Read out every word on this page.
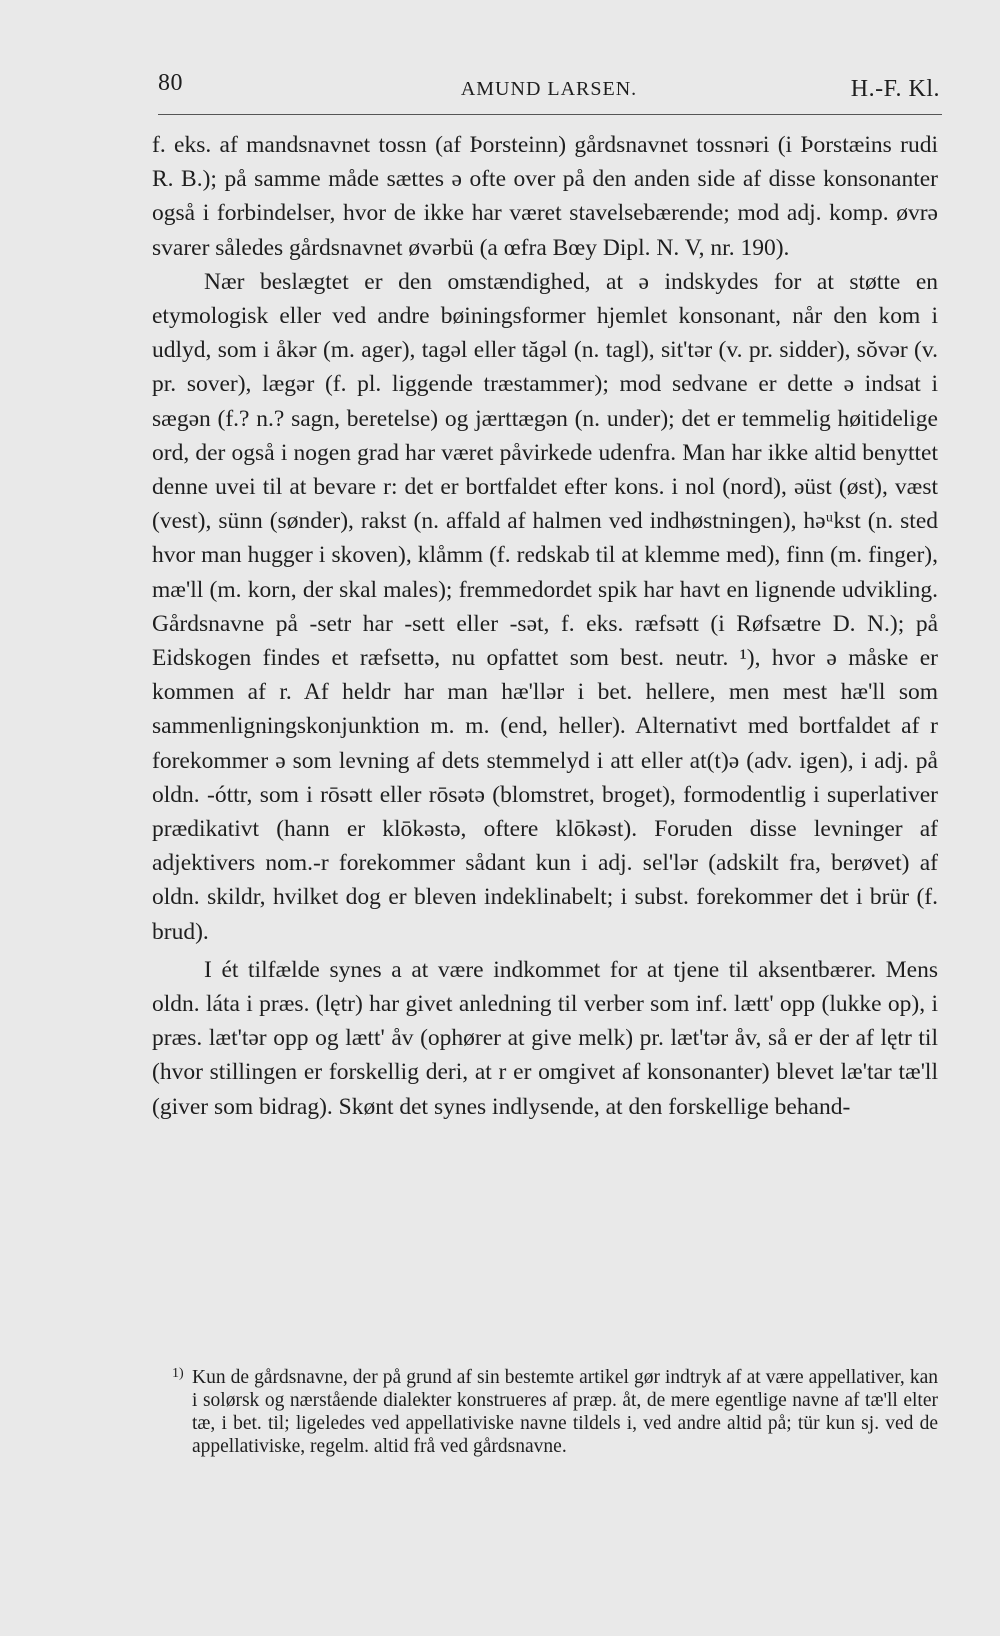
80	AMUND LARSEN.	H.-F. Kl.

f. eks. af mandsnavnet tossn (af Þorsteinn) gårdsnavnet tossnəri (i Þorstæins rudi R. B.); på samme måde sættes ə ofte over på den anden side af disse konsonanter også i forbindelser, hvor de ikke har været stavelsebærende; mod adj. komp. øvrə svarer således gårdsnavnet øvərbü (a œfra Bœy Dipl. N. V, nr. 190).

Nær beslægtet er den omstændighed, at ə indskydes for at støtte en etymologisk eller ved andre bøiningsformer hjemlet konsonant, når den kom i udlyd, som i åkər (m. ager), tagəl eller tăgəl (n. tagl), sit'tər (v. pr. sidder), sŏvər (v. pr. sover), lægər (f. pl. liggende træstammer); mod sedvane er dette ə indsat i sægən (f.? n.? sagn, beretelse) og jærttægən (n. under); det er temmelig høitidelige ord, der også i nogen grad har været påvirkede udenfra. Man har ikke altid benyttet denne uvei til at bevare r: det er bortfaldet efter kons. i nol (nord), əüst (øst), væst (vest), sünn (sønder), rakst (n. affald af halmen ved indhøstningen), həᵘkst (n. sted hvor man hugger i skoven), klåmm (f. redskab til at klemme med), finn (m. finger), mæ'll (m. korn, der skal males); fremmedordet spik har havt en lignende udvikling. Gårdsnavne på -setr har -sett eller -sət, f. eks. ræfsətt (i Røfsætre D. N.); på Eidskogen findes et ræfsettə, nu opfattet som best. neutr. ¹), hvor ə måske er kommen af r. Af heldr har man hæ'llər i bet. hellere, men mest hæ'll som sammenligningskonjunktion m. m. (end, heller). Alternativt med bortfaldet af r forekommer ə som levning af dets stemmelyd i att eller at(t)ə (adv. igen), i adj. på oldn. -óttr, som i rōsətt eller rōsətə (blomstret, broget), formodentlig i superlativer prædikativt (hann er klōkəstə, oftere klōkəst). Foruden disse levninger af adjektivers nom.-r forekommer sådant kun i adj. sel'lər (adskilt fra, berøvet) af oldn. skildr, hvilket dog er bleven indeklinabelt; i subst. forekommer det i brür (f. brud).

I ét tilfælde synes a at være indkommet for at tjene til aksentbærer. Mens oldn. láta i præs. (lętr) har givet anledning til verber som inf. lætt' opp (lukke op), i præs. læt'tər opp og lætt' åv (ophører at give melk) pr. læt'tər åv, så er der af lętr til (hvor stillingen er forskellig deri, at r er omgivet af konsonanter) blevet læ'tar tæ'll (giver som bidrag). Skønt det synes indlysende, at den forskellige behand-

1) Kun de gårdsnavne, der på grund af sin bestemte artikel gør indtryk af at være appellativer, kan i solørsk og nærstående dialekter konstrueres af præp. åt, de mere egentlige navne af tæ'll elter tæ, i bet. til; ligeledes ved appellativiske navne tildels i, ved andre altid på; tür kun sj. ved de appellativiske, regelm. altid frå ved gårdsnavne.
